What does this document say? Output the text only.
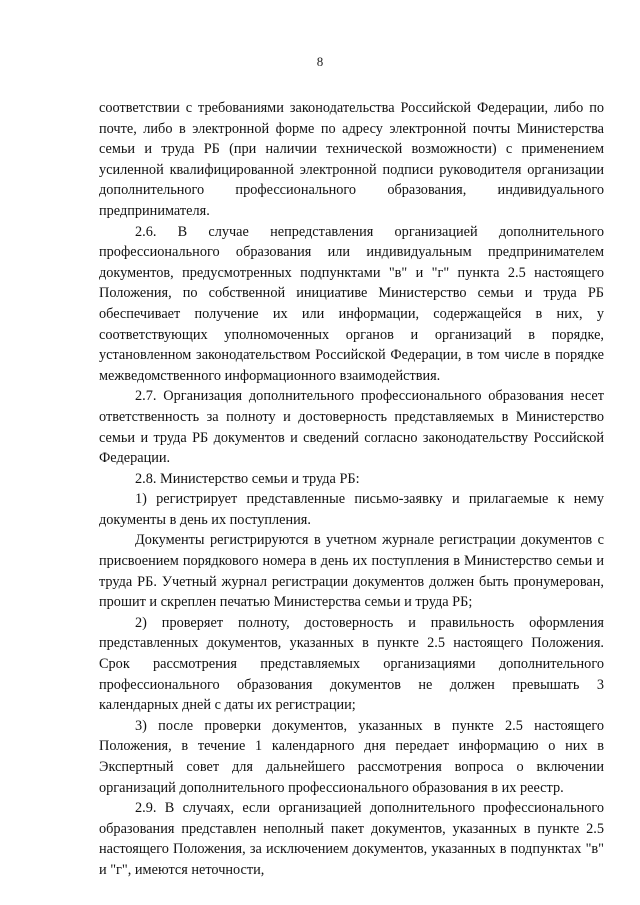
8

соответствии с требованиями законодательства Российской Федерации, либо по почте, либо в электронной форме по адресу электронной почты Министерства семьи и труда РБ (при наличии технической возможности) с применением усиленной квалифицированной электронной подписи руководителя организации дополнительного профессионального образования, индивидуального предпринимателя.

2.6. В случае непредставления организацией дополнительного профессионального образования или индивидуальным предпринимателем документов, предусмотренных подпунктами "в" и "г" пункта 2.5 настоящего Положения, по собственной инициативе Министерство семьи и труда РБ обеспечивает получение их или информации, содержащейся в них, у соответствующих уполномоченных органов и организаций в порядке, установленном законодательством Российской Федерации, в том числе в порядке межведомственного информационного взаимодействия.

2.7. Организация дополнительного профессионального образования несет ответственность за полноту и достоверность представляемых в Министерство семьи и труда РБ документов и сведений согласно законодательству Российской Федерации.

2.8. Министерство семьи и труда РБ:

1) регистрирует представленные письмо-заявку и прилагаемые к нему документы в день их поступления.

Документы регистрируются в учетном журнале регистрации документов с присвоением порядкового номера в день их поступления в Министерство семьи и труда РБ. Учетный журнал регистрации документов должен быть пронумерован, прошит и скреплен печатью Министерства семьи и труда РБ;

2) проверяет полноту, достоверность и правильность оформления представленных документов, указанных в пункте 2.5 настоящего Положения. Срок рассмотрения представляемых организациями дополнительного профессионального образования документов не должен превышать 3 календарных дней с даты их регистрации;

3) после проверки документов, указанных в пункте 2.5 настоящего Положения, в течение 1 календарного дня передает информацию о них в Экспертный совет для дальнейшего рассмотрения вопроса о включении организаций дополнительного профессионального образования в их реестр.

2.9. В случаях, если организацией дополнительного профессионального образования представлен неполный пакет документов, указанных в пункте 2.5 настоящего Положения, за исключением документов, указанных в подпунктах "в" и "г", имеются неточности,
